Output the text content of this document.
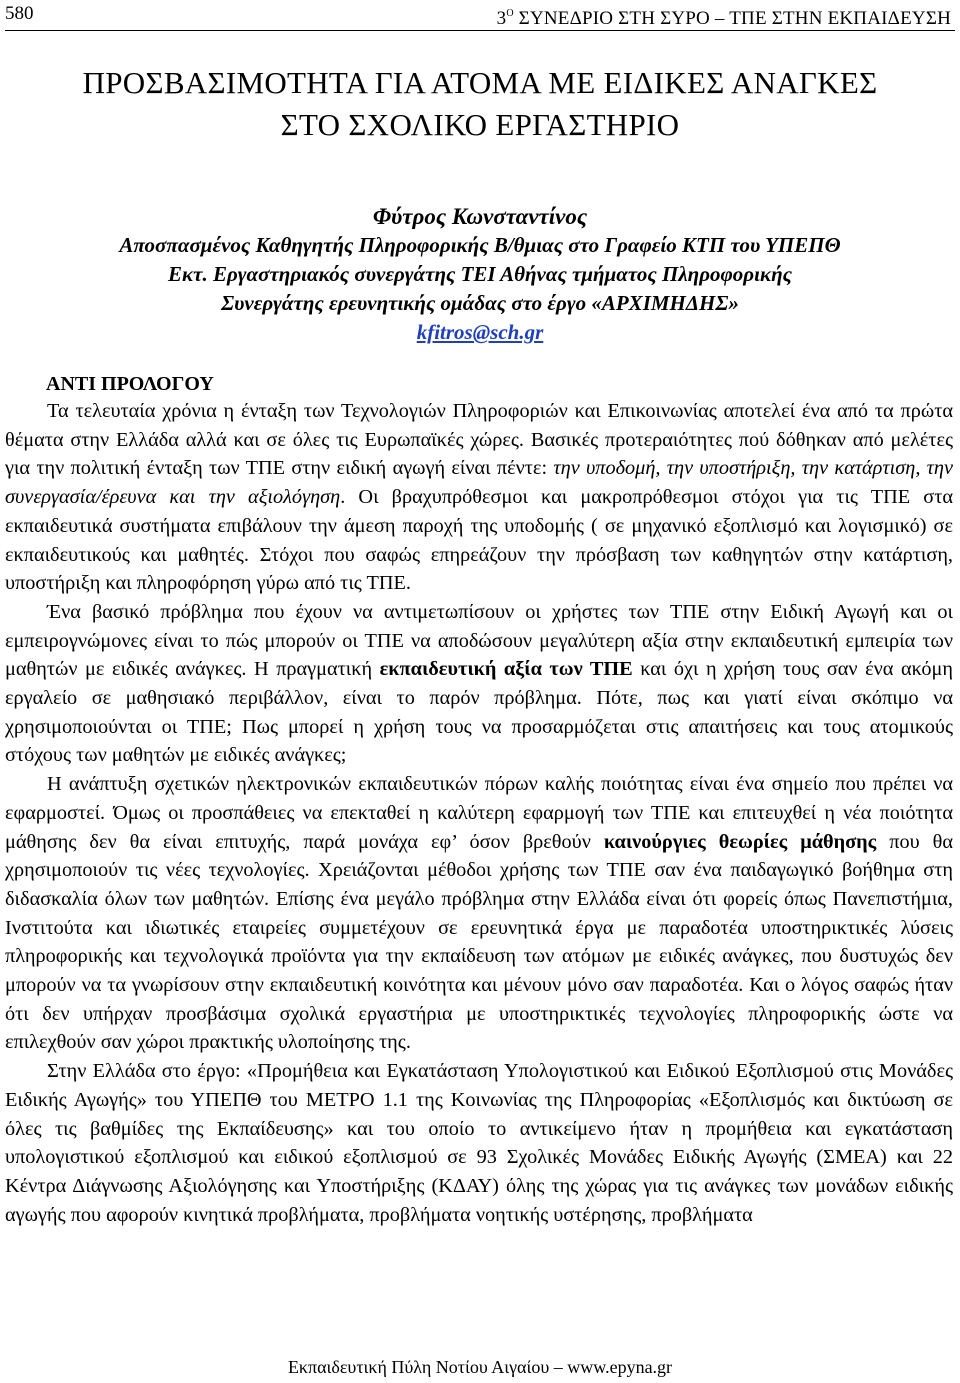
580	$3^O$ ΣΥΝΕΔΡΙΟ ΣΤΗ ΣΥΡΟ – ΤΠΕ ΣΤΗΝ ΕΚΠΑΙΔΕΥΣΗ
ΠΡΟΣΒΑΣΙΜΟΤΗΤΑ ΓΙΑ ΑΤΟΜΑ ΜΕ ΕΙΔΙΚΕΣ ΑΝΑΓΚΕΣ
ΣΤΟ ΣΧΟΛΙΚΟ ΕΡΓΑΣΤΗΡΙΟ
Φύτρος Κωνσταντίνος
Αποσπασμένος Καθηγητής Πληροφορικής Β/θμιας στο Γραφείο ΚΤΠ του ΥΠΕΠΘ
Εκτ. Εργαστηριακός συνεργάτης ΤΕΙ Αθήνας τμήματος Πληροφορικής
Συνεργάτης ερευνητικής ομάδας στο έργο «ΑΡΧΙΜΗΔΗΣ»
kfitros@sch.gr
ΑΝΤΙ ΠΡΟΛΟΓΟΥ

Τα τελευταία χρόνια η ένταξη των Τεχνολογιών Πληροφοριών και Επικοινωνίας αποτελεί ένα από τα πρώτα θέματα στην Ελλάδα αλλά και σε όλες τις Ευρωπαϊκές χώρες. Βασικές προτεραιότητες πού δόθηκαν από μελέτες για την πολιτική ένταξη των ΤΠΕ στην ειδική αγωγή είναι πέντε: την υποδομή, την υποστήριξη, την κατάρτιση, την συνεργασία/έρευνα και την αξιολόγηση. Οι βραχυπρόθεσμοι και μακροπρόθεσμοι στόχοι για τις ΤΠΕ στα εκπαιδευτικά συστήματα επιβάλουν την άμεση παροχή της υποδομής ( σε μηχανικό εξοπλισμό και λογισμικό) σε εκπαιδευτικούς και μαθητές. Στόχοι που σαφώς επηρεάζουν την πρόσβαση των καθηγητών στην κατάρτιση, υποστήριξη και πληροφόρηση γύρω από τις ΤΠΕ.

Ένα βασικό πρόβλημα που έχουν να αντιμετωπίσουν οι χρήστες των ΤΠΕ στην Ειδική Αγωγή και οι εμπειρογνώμονες είναι το πώς μπορούν οι ΤΠΕ να αποδώσουν μεγαλύτερη αξία στην εκπαιδευτική εμπειρία των μαθητών με ειδικές ανάγκες. Η πραγματική εκπαιδευτική αξία των ΤΠΕ και όχι η χρήση τους σαν ένα ακόμη εργαλείο σε μαθησιακό περιβάλλον, είναι το παρόν πρόβλημα. Πότε, πως και γιατί είναι σκόπιμο να χρησιμοποιούνται οι ΤΠΕ; Πως μπορεί η χρήση τους να προσαρμόζεται στις απαιτήσεις και τους ατομικούς στόχους των μαθητών με ειδικές ανάγκες;

Η ανάπτυξη σχετικών ηλεκτρονικών εκπαιδευτικών πόρων καλής ποιότητας είναι ένα σημείο που πρέπει να εφαρμοστεί. Όμως οι προσπάθειες να επεκταθεί η καλύτερη εφαρμογή των ΤΠΕ και επιτευχθεί η νέα ποιότητα μάθησης δεν θα είναι επιτυχής, παρά μονάχα εφ’ όσον βρεθούν καινούργιες θεωρίες μάθησης που θα χρησιμοποιούν τις νέες τεχνολογίες. Χρειάζονται μέθοδοι χρήσης των ΤΠΕ σαν ένα παιδαγωγικό βοήθημα στη διδασκαλία όλων των μαθητών. Επίσης ένα μεγάλο πρόβλημα στην Ελλάδα είναι ότι φορείς όπως Πανεπιστήμια, Ινστιτούτα και ιδιωτικές εταιρείες συμμετέχουν σε ερευνητικά έργα με παραδοτέα υποστηρικτικές λύσεις πληροφορικής και τεχνολογικά προϊόντα για την εκπαίδευση των ατόμων με ειδικές ανάγκες, που δυστυχώς δεν μπορούν να τα γνωρίσουν στην εκπαιδευτική κοινότητα και μένουν μόνο σαν παραδοτέα. Και ο λόγος σαφώς ήταν ότι δεν υπήρχαν προσβάσιμα σχολικά εργαστήρια με υποστηρικτικές τεχνολογίες πληροφορικής ώστε να επιλεχθούν σαν χώροι πρακτικής υλοποίησης της.

Στην Ελλάδα στο έργο: «Προμήθεια και Εγκατάσταση Υπολογιστικού και Ειδικού Εξοπλισμού στις Μονάδες Ειδικής Αγωγής» του ΥΠΕΠΘ του ΜΕΤΡΟ 1.1 της Κοινωνίας της Πληροφορίας «Εξοπλισμός και δικτύωση σε όλες τις βαθμίδες της Εκπαίδευσης» και του οποίο το αντικείμενο ήταν η προμήθεια και εγκατάσταση υπολογιστικού εξοπλισμού και ειδικού εξοπλισμού σε 93 Σχολικές Μονάδες Ειδικής Αγωγής (ΣΜΕΑ) και 22 Κέντρα Διάγνωσης Αξιολόγησης και Υποστήριξης (ΚΔΑΥ) όλης της χώρας για τις ανάγκες των μονάδων ειδικής αγωγής που αφορούν κινητικά προβλήματα, προβλήματα νοητικής υστέρησης, προβλήματα

Εκπαιδευτική Πύλη Νοτίου Αιγαίου – www.epyna.gr
